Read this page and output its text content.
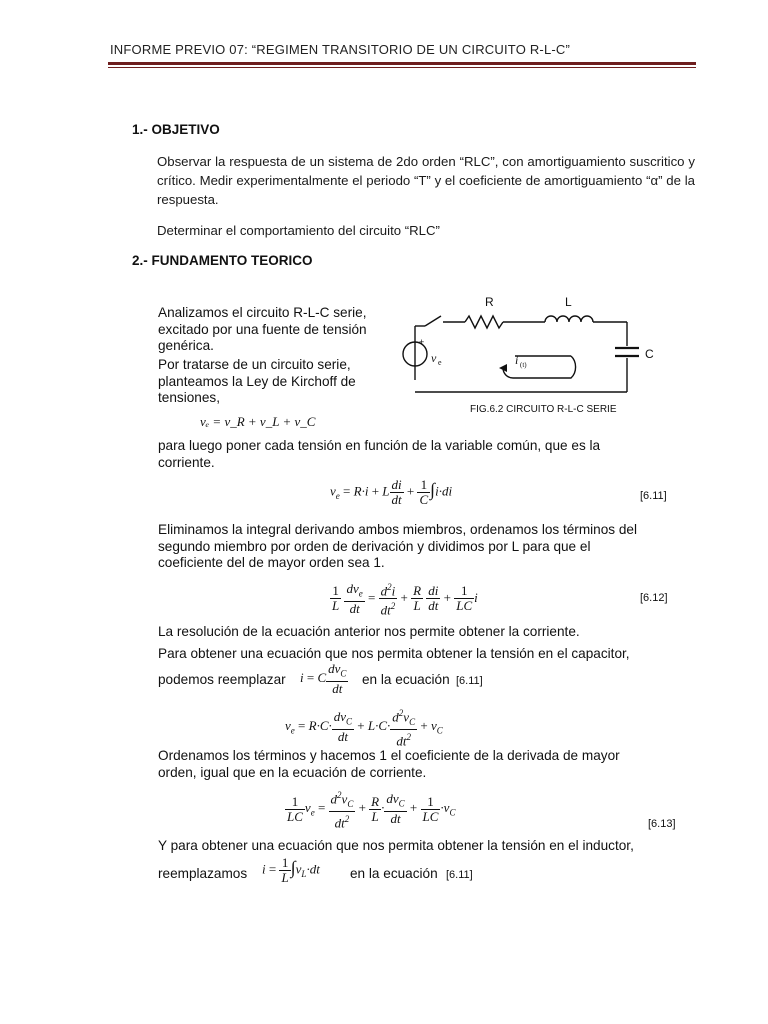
INFORME PREVIO 07: “REGIMEN TRANSITORIO DE UN CIRCUITO R-L-C”
1.- OBJETIVO
Observar la respuesta de un sistema de 2do orden “RLC”, con amortiguamiento suscritico y crítico. Medir experimentalmente el periodo “T” y el coeficiente de amortiguamiento “α” de la respuesta.
Determinar el comportamiento del circuito “RLC”
2.- FUNDAMENTO TEORICO
Analizamos el circuito R-L-C serie, excitado por una fuente de tensión genérica.
Por tratarse de un circuito serie, planteamos la Ley de Kirchoff de tensiones,
+
R	L
C
v e	i (t)
FIG.6.2 CIRCUITO R-L-C SERIE
vₑ = v_R + v_L + v_C
para luego poner cada tensión en función de la variable común, que es la corriente.
$v_e = R\cdot i + L \frac{di}{dt} + \frac{1}{C} \int i\cdot di$	[6.11]
Eliminamos la integral derivando ambos miembros, ordenamos los términos del segundo miembro por orden de derivación y dividimos por L para que el coeficiente del de mayor orden sea 1.
$\frac{1}{L}$
$\frac{dv_e}{dt} = \frac{d^2i}{dt^2} + \frac{R}{L}$
$\frac{di}{dt} + \frac{1}{LC}$ i	[6.12]
La resolución de la ecuación anterior nos permite obtener la corriente.
Para obtener una ecuación que nos permita obtener la tensión en el capacitor,
podemos reemplazar i = C $\frac{dv_C}{dt}$ en la ecuación [6.11]
$v_e = R\cdot C\cdot \frac{dv_C}{dt} + L\cdot C\cdot \frac{d^2v_C}{dt^2} + v_C$
Ordenamos los términos y hacemos 1 el coeficiente de la derivada de mayor orden, igual que en la ecuación de corriente.
$\frac{1}{LC} v_e = \frac{d^2v_C}{dt^2} + \frac{R}{L} \cdot \frac{dv_C}{dt} + \frac{1}{LC} \cdot v_C$
[6.13]
Y para obtener una ecuación que nos permita obtener la tensión en el inductor,
reemplazamos $i = \frac{1}{L} \int v_L\cdot dt$ en la ecuación [6.11]
